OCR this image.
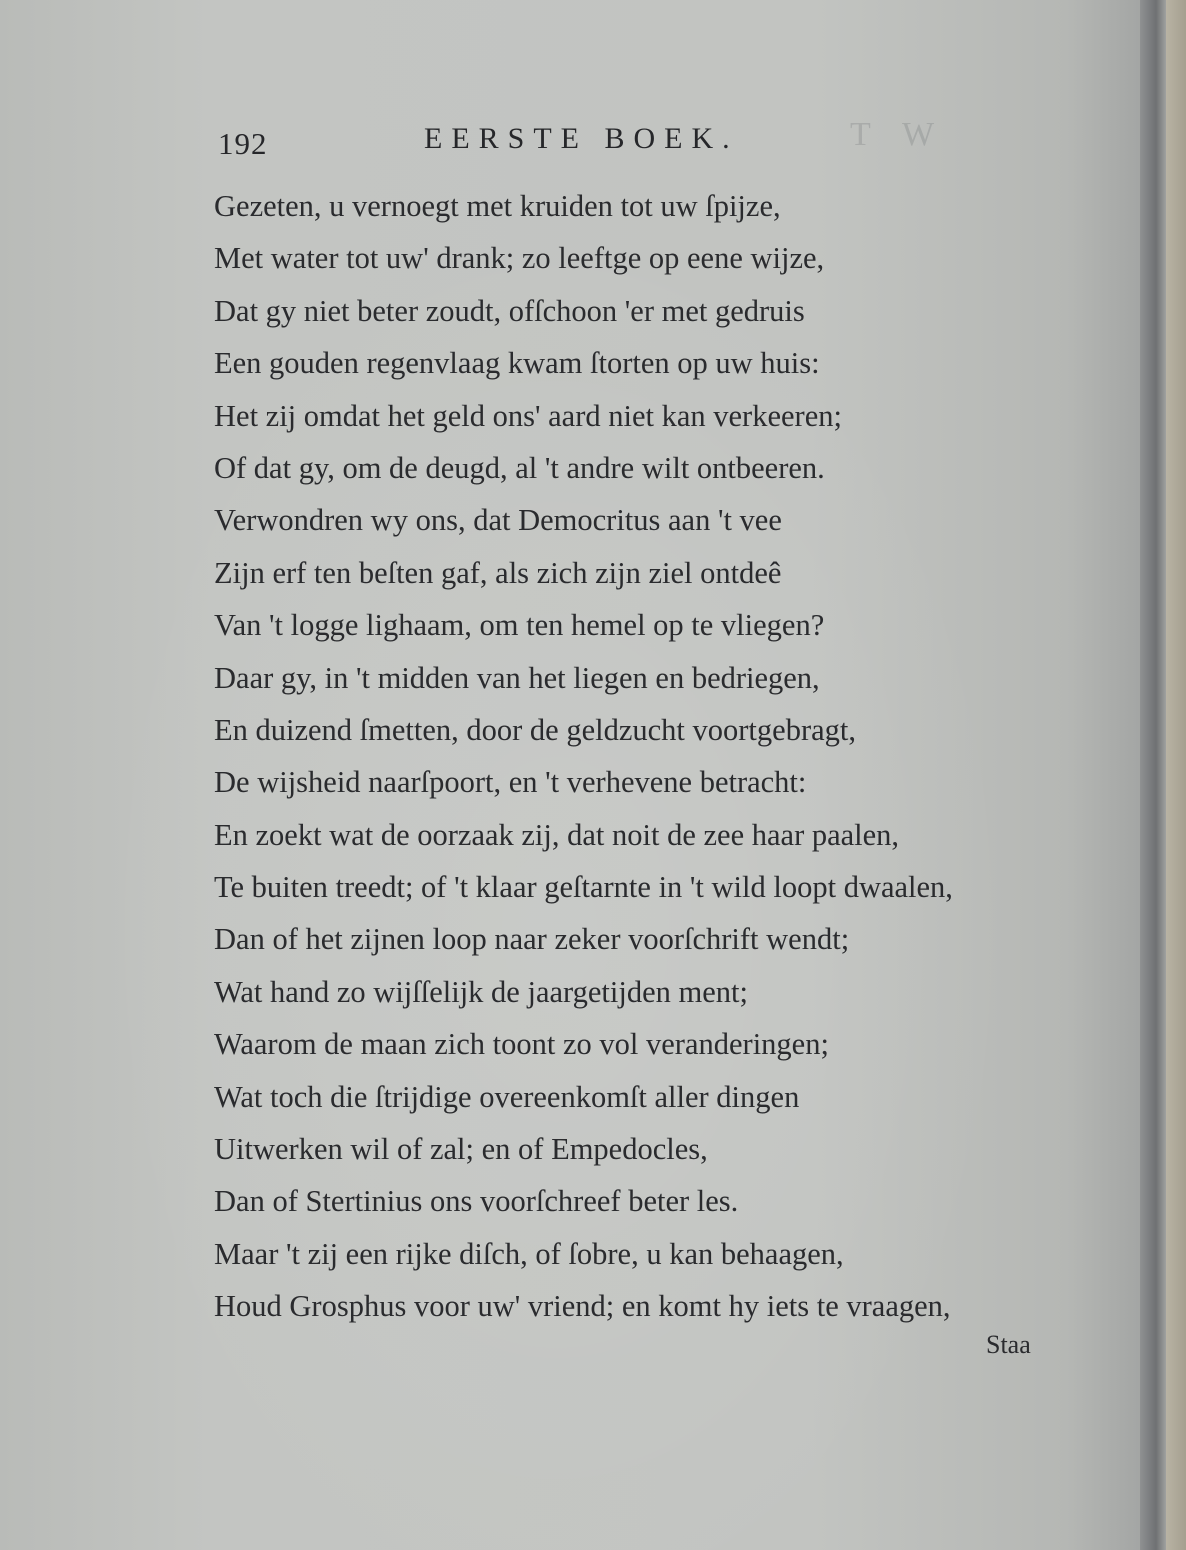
T W
192	EERSTE BOEK.
Gezeten, u vernoegt met kruiden tot uw ſpijze,
Met water tot uw' drank; zo leeftge op eene wijze,
Dat gy niet beter zoudt, ofſchoon 'er met gedruis
Een gouden regenvlaag kwam ſtorten op uw huis:
Het zij omdat het geld ons' aard niet kan verkeeren;
Of dat gy, om de deugd, al 't andre wilt ontbeeren.
Verwondren wy ons, dat Democritus aan 't vee
Zijn erf ten beſten gaf, als zich zijn ziel ontdeê
Van 't logge lighaam, om ten hemel op te vliegen?
Daar gy, in 't midden van het liegen en bedriegen,
En duizend ſmetten, door de geldzucht voortgebragt,
De wijsheid naarſpoort, en 't verhevene betracht:
En zoekt wat de oorzaak zij, dat noit de zee haar paalen,
Te buiten treedt; of 't klaar geſtarnte in 't wild loopt dwaalen,
Dan of het zijnen loop naar zeker voorſchrift wendt;
Wat hand zo wijſſelijk de jaargetijden ment;
Waarom de maan zich toont zo vol veranderingen;
Wat toch die ſtrijdige overeenkomſt aller dingen
Uitwerken wil of zal; en of Empedocles,
Dan of Stertinius ons voorſchreef beter les.
Maar 't zij een rijke diſch, of ſobre, u kan behaagen,
Houd Grosphus voor uw' vriend; en komt hy iets te vraagen,
Staa
